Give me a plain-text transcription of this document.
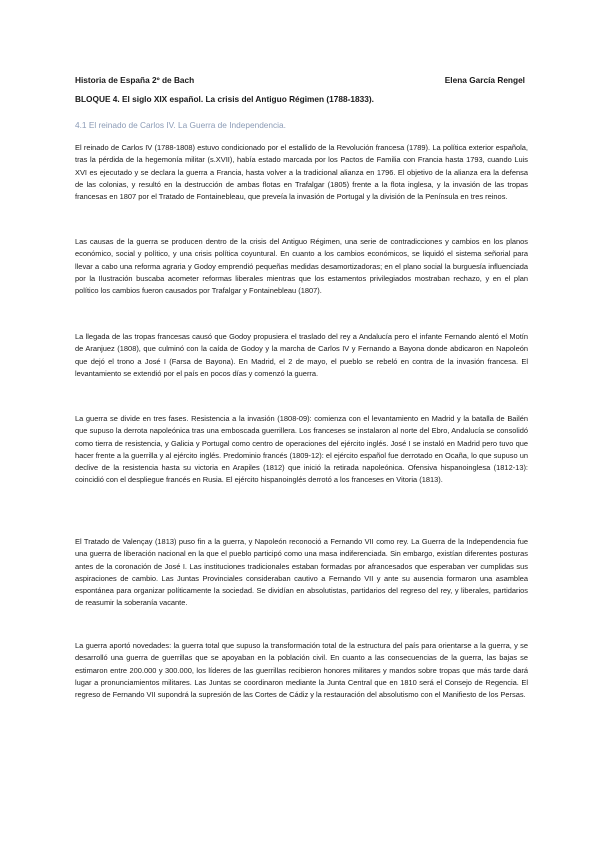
Historia de España 2º de Bach	Elena García Rengel
BLOQUE 4. El siglo XIX español. La crisis del Antiguo Régimen (1788-1833).
4.1 El reinado de Carlos IV. La Guerra de Independencia.

El reinado de Carlos IV (1788-1808) estuvo condicionado por el estallido de la Revolución francesa (1789). La política exterior española, tras la pérdida de la hegemonía militar (s.XVII), había estado marcada por los Pactos de Familia con Francia hasta 1793, cuando Luis XVI es ejecutado y se declara la guerra a Francia, hasta volver a la tradicional alianza en 1796. El objetivo de la alianza era la defensa de las colonias, y resultó en la destrucción de ambas flotas en Trafalgar (1805) frente a la flota inglesa, y la invasión de las tropas francesas en 1807 por el Tratado de Fontainebleau, que preveía la invasión de Portugal y la división de la Península en tres reinos.

Las causas de la guerra se producen dentro de la crisis del Antiguo Régimen, una serie de contradicciones y cambios en los planos económico, social y político, y una crisis política coyuntural. En cuanto a los cambios económicos, se liquidó el sistema señorial para llevar a cabo una reforma agraria y Godoy emprendió pequeñas medidas desamortizadoras; en el plano social la burguesía influenciada por la Ilustración buscaba acometer reformas liberales mientras que los estamentos privilegiados mostraban rechazo, y en el plan político los cambios fueron causados por Trafalgar y Fontainebleau (1807).

La llegada de las tropas francesas causó que Godoy propusiera el traslado del rey a Andalucía pero el infante Fernando alentó el Motín de Aranjuez (1808), que culminó con la caída de Godoy y la marcha de Carlos IV y Fernando a Bayona donde abdicaron en Napoleón que dejó el trono a José I (Farsa de Bayona). En Madrid, el 2 de mayo, el pueblo se rebeló en contra de la invasión francesa. El levantamiento se extendió por el país en pocos días y comenzó la guerra.

La guerra se divide en tres fases. Resistencia a la invasión (1808-09): comienza con el levantamiento en Madrid y la batalla de Bailén que supuso la derrota napoleónica tras una emboscada guerrillera. Los franceses se instalaron al norte del Ebro, Andalucía se consolidó como tierra de resistencia, y Galicia y Portugal como centro de operaciones del ejército inglés. José I se instaló en Madrid pero tuvo que hacer frente a la guerrilla y al ejército inglés. Predominio francés (1809-12): el ejército español fue derrotado en Ocaña, lo que supuso un declive de la resistencia hasta su victoria en Arapiles (1812) que inició la retirada napoleónica. Ofensiva hispanoinglesa (1812-13): coincidió con el despliegue francés en Rusia. El ejército hispanoinglés derrotó a los franceses en Vitoria (1813).

El Tratado de Valençay (1813) puso fin a la guerra, y Napoleón reconoció a Fernando VII como rey. La Guerra de la Independencia fue una guerra de liberación nacional en la que el pueblo participó como una masa indiferenciada. Sin embargo, existían diferentes posturas antes de la coronación de José I. Las instituciones tradicionales estaban formadas por afrancesados que esperaban ver cumplidas sus aspiraciones de cambio. Las Juntas Provinciales consideraban cautivo a Fernando VII y ante su ausencia formaron una asamblea espontánea para organizar políticamente la sociedad. Se dividían en absolutistas, partidarios del regreso del rey, y liberales, partidarios de reasumir la soberanía vacante.

La guerra aportó novedades: la guerra total que supuso la transformación total de la estructura del país para orientarse a la guerra, y se desarrolló una guerra de guerrillas que se apoyaban en la población civil. En cuanto a las consecuencias de la guerra, las bajas se estimaron entre 200.000 y 300.000, los líderes de las guerrillas recibieron honores militares y mandos sobre tropas que más tarde dará lugar a pronunciamientos militares. Las Juntas se coordinaron mediante la Junta Central que en 1810 será el Consejo de Regencia. El regreso de Fernando VII supondrá la supresión de las Cortes de Cádiz y la restauración del absolutismo con el Manifiesto de los Persas.
